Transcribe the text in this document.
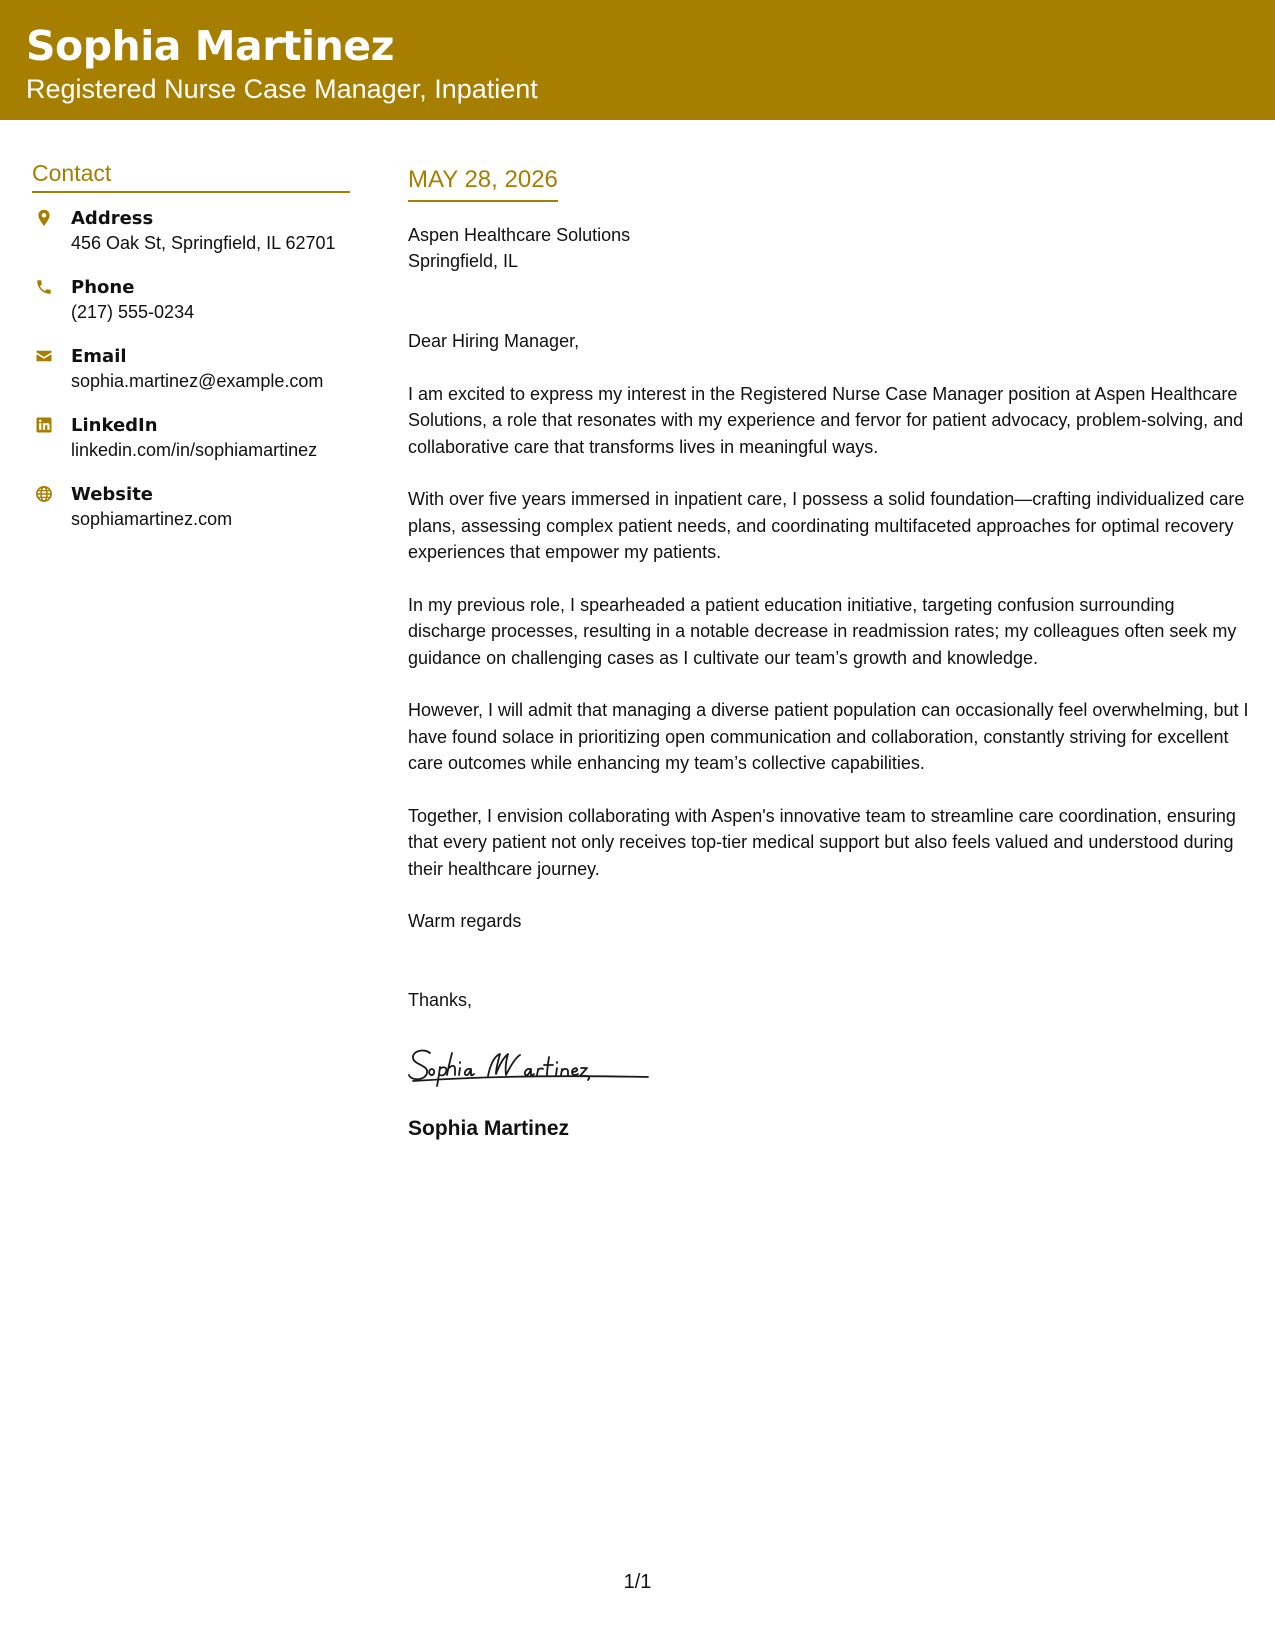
Sophia Martinez
Registered Nurse Case Manager, Inpatient
Contact
Address
456 Oak St, Springfield, IL 62701
Phone
(217) 555-0234
Email
sophia.martinez@example.com
LinkedIn
linkedin.com/in/sophiamartinez
Website
sophiamartinez.com
MAY 28, 2026
Aspen Healthcare Solutions
Springfield, IL

Dear Hiring Manager,

I am excited to express my interest in the Registered Nurse Case Manager position at Aspen Healthcare Solutions, a role that resonates with my experience and fervor for patient advocacy, problem-solving, and collaborative care that transforms lives in meaningful ways.

With over five years immersed in inpatient care, I possess a solid foundation—crafting individualized care plans, assessing complex patient needs, and coordinating multifaceted approaches for optimal recovery experiences that empower my patients.

In my previous role, I spearheaded a patient education initiative, targeting confusion surrounding discharge processes, resulting in a notable decrease in readmission rates; my colleagues often seek my guidance on challenging cases as I cultivate our team’s growth and knowledge.

However, I will admit that managing a diverse patient population can occasionally feel overwhelming, but I have found solace in prioritizing open communication and collaboration, constantly striving for excellent care outcomes while enhancing my team’s collective capabilities.

Together, I envision collaborating with Aspen's innovative team to streamline care coordination, ensuring that every patient not only receives top-tier medical support but also feels valued and understood during their healthcare journey.

Warm regards

Thanks,

Sophia Martinez
1/1
